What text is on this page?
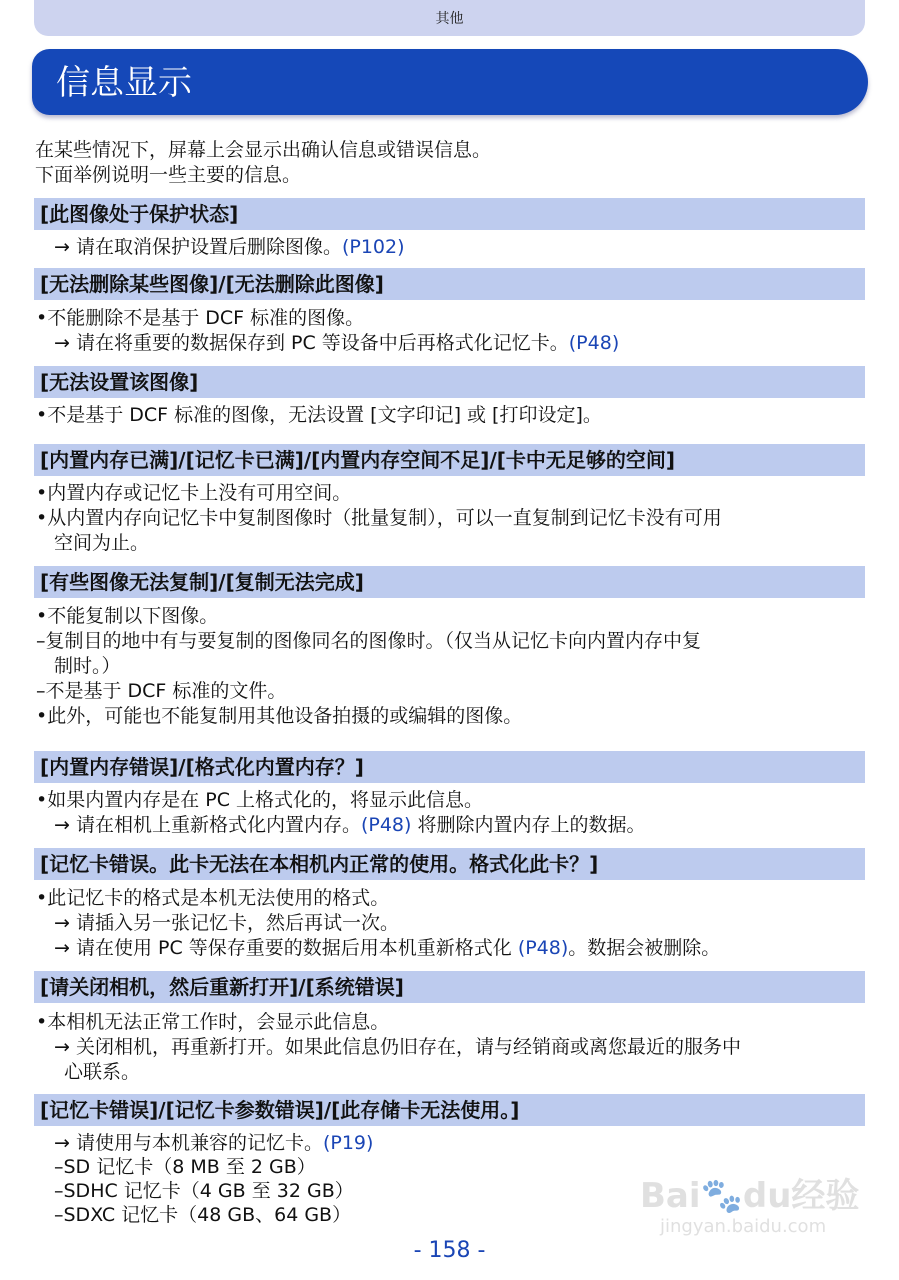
其他
信息显示

在某些情况下，屏幕上会显示出确认信息或错误信息。

下面举例说明一些主要的信息。

[此图像处于保护状态]

→ 请在取消保护设置后删除图像。(P102)

[无法删除某些图像]/[无法删除此图像]

•不能删除不是基于 DCF 标准的图像。

→ 请在将重要的数据保存到 PC 等设备中后再格式化记忆卡。(P48)

[无法设置该图像]

•不是基于 DCF 标准的图像，无法设置 [文字印记] 或 [打印设定]。

[内置内存已满]/[记忆卡已满]/[内置内存空间不足]/[卡中无足够的空间]

•内置内存或记忆卡上没有可用空间。

•从内置内存向记忆卡中复制图像时（批量复制），可以一直复制到记忆卡没有可用

空间为止。

[有些图像无法复制]/[复制无法完成]

•不能复制以下图像。

–复制目的地中有与要复制的图像同名的图像时。（仅当从记忆卡向内置内存中复

制时。）

–不是基于 DCF 标准的文件。

•此外，可能也不能复制用其他设备拍摄的或编辑的图像。

[内置内存错误]/[格式化内置内存？]

•如果内置内存是在 PC 上格式化的，将显示此信息。

→ 请在相机上重新格式化内置内存。(P48) 将删除内置内存上的数据。

[记忆卡错误。此卡无法在本相机内正常的使用。格式化此卡？]

•此记忆卡的格式是本机无法使用的格式。

→ 请插入另一张记忆卡，然后再试一次。

→ 请在使用 PC 等保存重要的数据后用本机重新格式化 (P48)。数据会被删除。

[请关闭相机，然后重新打开]/[系统错误]

•本相机无法正常工作时，会显示此信息。

→ 关闭相机，再重新打开。如果此信息仍旧存在，请与经销商或离您最近的服务中

心联系。

[记忆卡错误]/[记忆卡参数错误]/[此存储卡无法使用。]

→ 请使用与本机兼容的记忆卡。(P19)

–SD 记忆卡（8 MB 至 2 GB）

–SDHC 记忆卡（4 GB 至 32 GB）

–SDXC 记忆卡（48 GB、64 GB）	Bai🐾du经验
jingyan.baidu.com
- 158 -
